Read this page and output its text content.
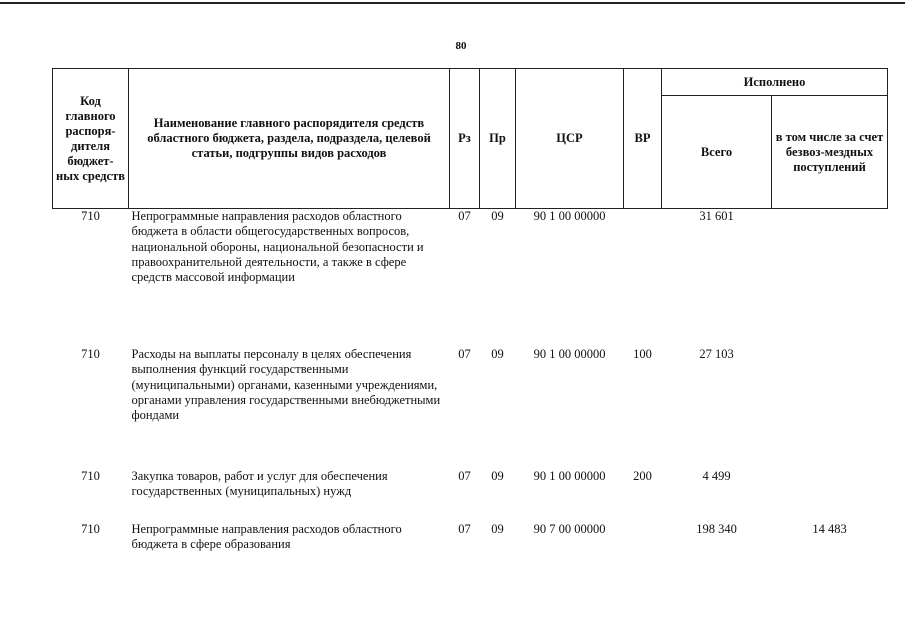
80
Код главного распоря-дителя бюджет-ных средств	Наименование главного распорядителя средств областного бюджета, раздела, подраздела, целевой статьи, подгруппы видов расходов	Рз	Пр	ЦСР	ВР	Исполнено	
						Всего	в том числе за счет безвоз-мездных поступлений
710	Непрограммные направления расходов областного бюджета в области общегосударственных вопросов, национальной обороны, национальной безопасности и правоохранительной деятельности, а также в сфере средств массовой информации	07	09	90 1 00 00000		31 601	
710	Расходы на выплаты персоналу в целях обеспечения выполнения функций государственными (муниципальными) органами, казенными учреждениями, органами управления государственными внебюджетными фондами	07	09	90 1 00 00000	100	27 103	
710	Закупка товаров, работ и услуг для обеспечения государственных (муниципальных) нужд	07	09	90 1 00 00000	200	4 499	
710	Непрограммные направления расходов областного бюджета в сфере образования	07	09	90 7 00 00000		198 340	14 483
